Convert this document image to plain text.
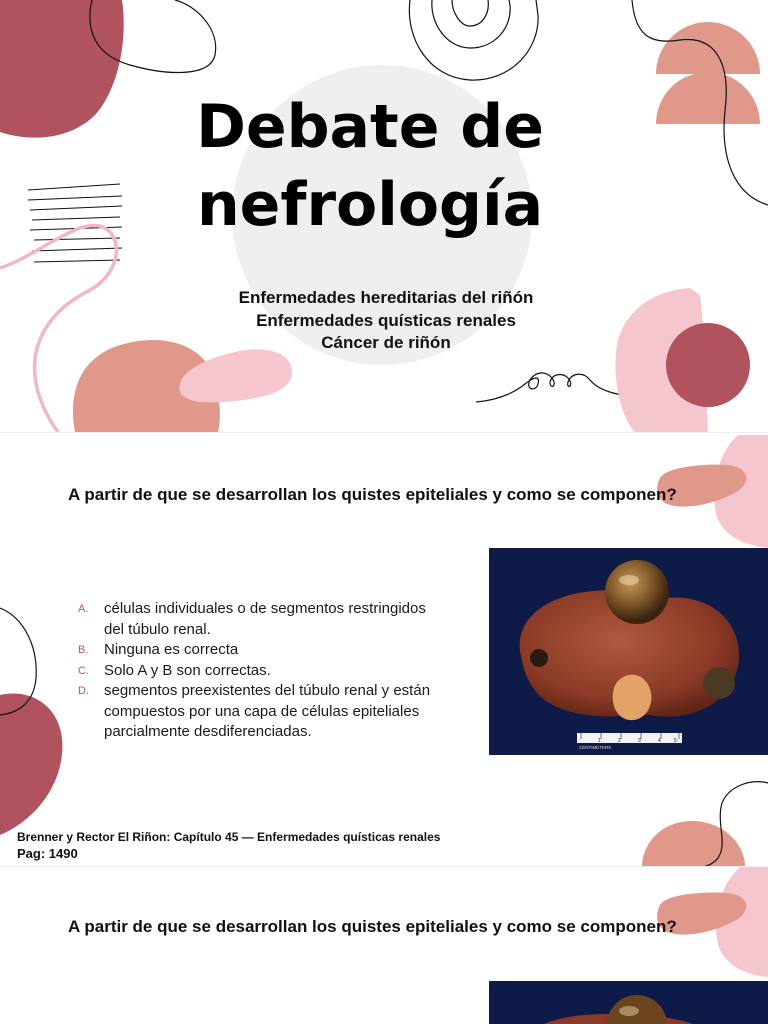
Debate de
nefrología
Enfermedades hereditarias del riñón
Enfermedades quísticas renales
Cáncer de riñón
A partir de que se desarrollan los quistes epiteliales y como se componen?
A.	células individuales o de segmentos restringidos del túbulo renal.
B.	Ninguna es correcta
C.	Solo A y B son correctas.
D.	segmentos preexistentes del túbulo renal y están compuestos por una capa de células epiteliales parcialmente desdiferenciadas.
1	2	3	4	5
CENTIMETERS
Brenner y Rector El Riñon: Capítulo 45 — Enfermedades quísticas renales
Pag: 1490
A partir de que se desarrollan los quistes epiteliales y como se componen?
